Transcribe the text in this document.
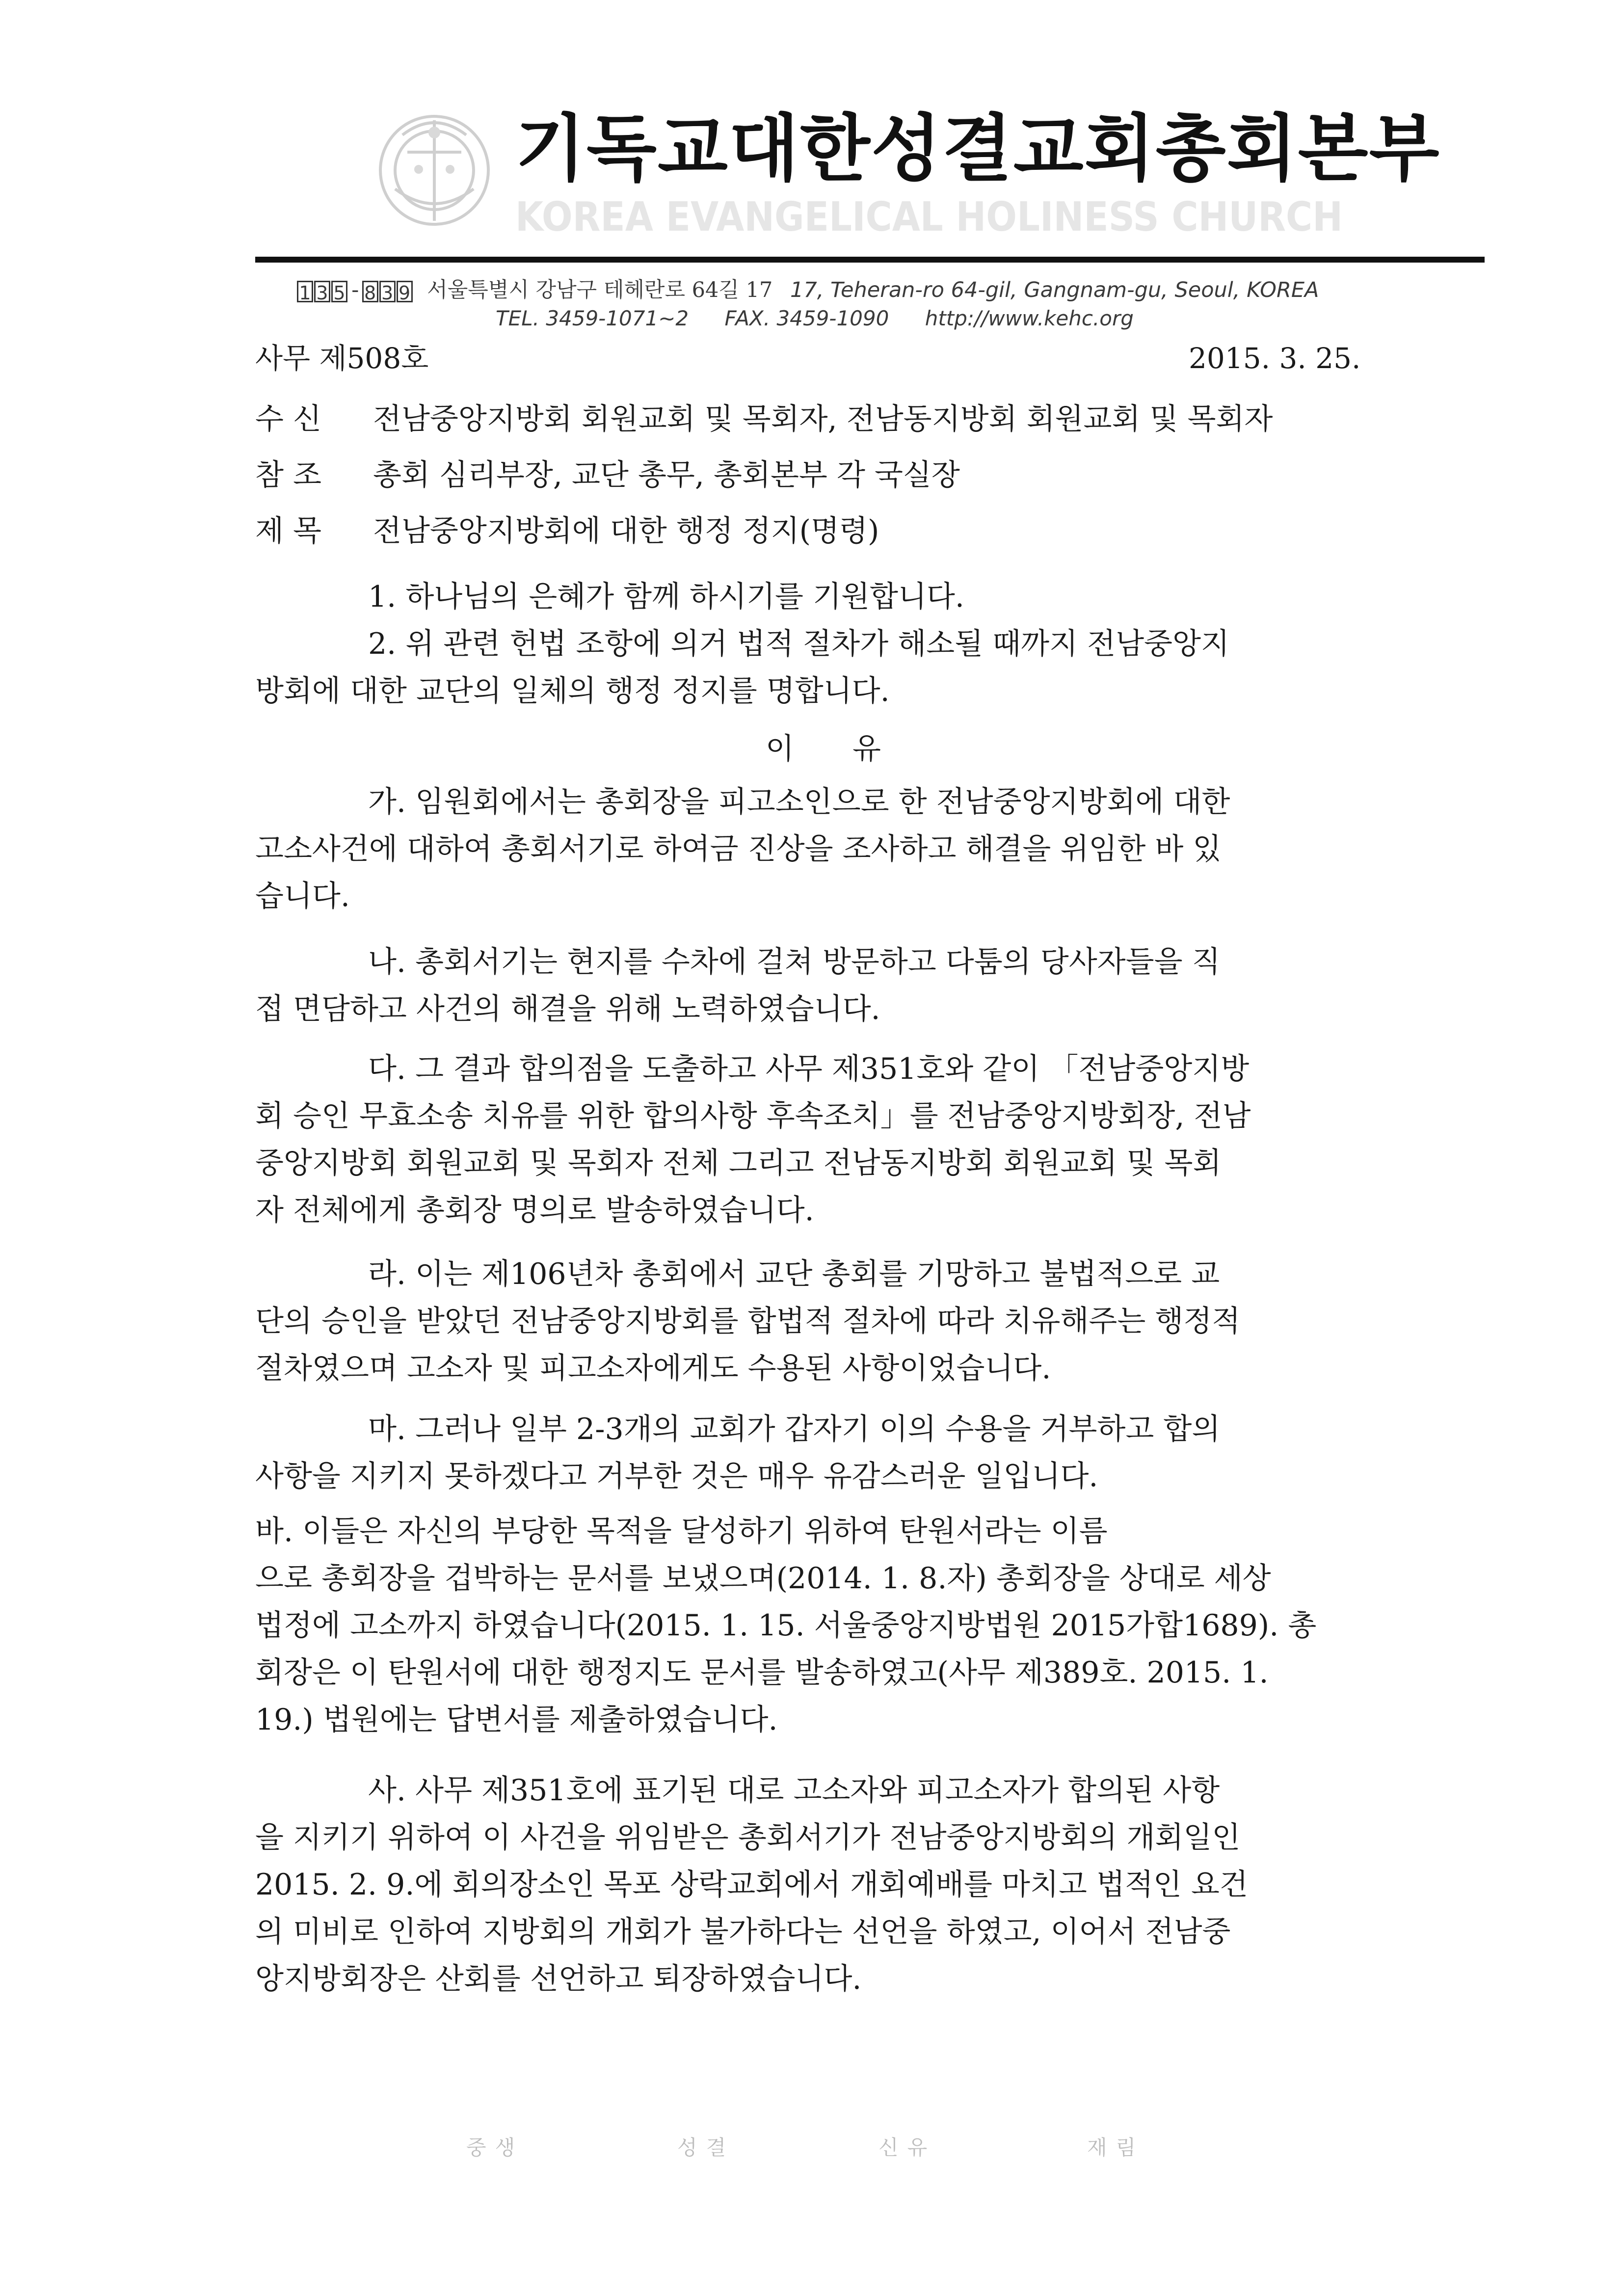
기독교대한성결교회총회본부
KOREA EVANGELICAL HOLINESS CHURCH
1 3 5 - 8 3 9 서울특별시 강남구 테헤란로 64길 17 17, Teheran-ro 64-gil, Gangnam-gu, Seoul, KOREA
TEL. 3459-1071~2 FAX. 3459-1090 http://www.kehc.org
사무 제508호	2015. 3. 25.
수 신 전남중앙지방회 회원교회 및 목회자, 전남동지방회 회원교회 및 목회자
참 조 총회 심리부장, 교단 총무, 총회본부 각 국실장
제 목 전남중앙지방회에 대한 행정 정지(명령)
1. 하나님의 은혜가 함께 하시기를 기원합니다.
2. 위 관련 헌법 조항에 의거 법적 절차가 해소될 때까지 전남중앙지
방회에 대한 교단의 일체의 행정 정지를 명합니다.
이 유
가. 임원회에서는 총회장을 피고소인으로 한 전남중앙지방회에 대한
고소사건에 대하여 총회서기로 하여금 진상을 조사하고 해결을 위임한 바 있
습니다.
나. 총회서기는 현지를 수차에 걸쳐 방문하고 다툼의 당사자들을 직
접 면담하고 사건의 해결을 위해 노력하였습니다.
다. 그 결과 합의점을 도출하고 사무 제351호와 같이 「전남중앙지방
회 승인 무효소송 치유를 위한 합의사항 후속조치」를 전남중앙지방회장, 전남
중앙지방회 회원교회 및 목회자 전체 그리고 전남동지방회 회원교회 및 목회
자 전체에게 총회장 명의로 발송하였습니다.
라. 이는 제106년차 총회에서 교단 총회를 기망하고 불법적으로 교
단의 승인을 받았던 전남중앙지방회를 합법적 절차에 따라 치유해주는 행정적
절차였으며 고소자 및 피고소자에게도 수용된 사항이었습니다.
마. 그러나 일부 2-3개의 교회가 갑자기 이의 수용을 거부하고 합의
사항을 지키지 못하겠다고 거부한 것은 매우 유감스러운 일입니다.
바. 이들은 자신의 부당한 목적을 달성하기 위하여 탄원서라는 이름
으로 총회장을 겁박하는 문서를 보냈으며(2014. 1. 8.자) 총회장을 상대로 세상
법정에 고소까지 하였습니다(2015. 1. 15. 서울중앙지방법원 2015가합1689). 총
회장은 이 탄원서에 대한 행정지도 문서를 발송하였고(사무 제389호. 2015. 1.
19.) 법원에는 답변서를 제출하였습니다.
사. 사무 제351호에 표기된 대로 고소자와 피고소자가 합의된 사항
을 지키기 위하여 이 사건을 위임받은 총회서기가 전남중앙지방회의 개회일인
2015. 2. 9.에 회의장소인 목포 상락교회에서 개회예배를 마치고 법적인 요건
의 미비로 인하여 지방회의 개회가 불가하다는 선언을 하였고, 이어서 전남중
앙지방회장은 산회를 선언하고 퇴장하였습니다.
중생	성결	신유	재림
